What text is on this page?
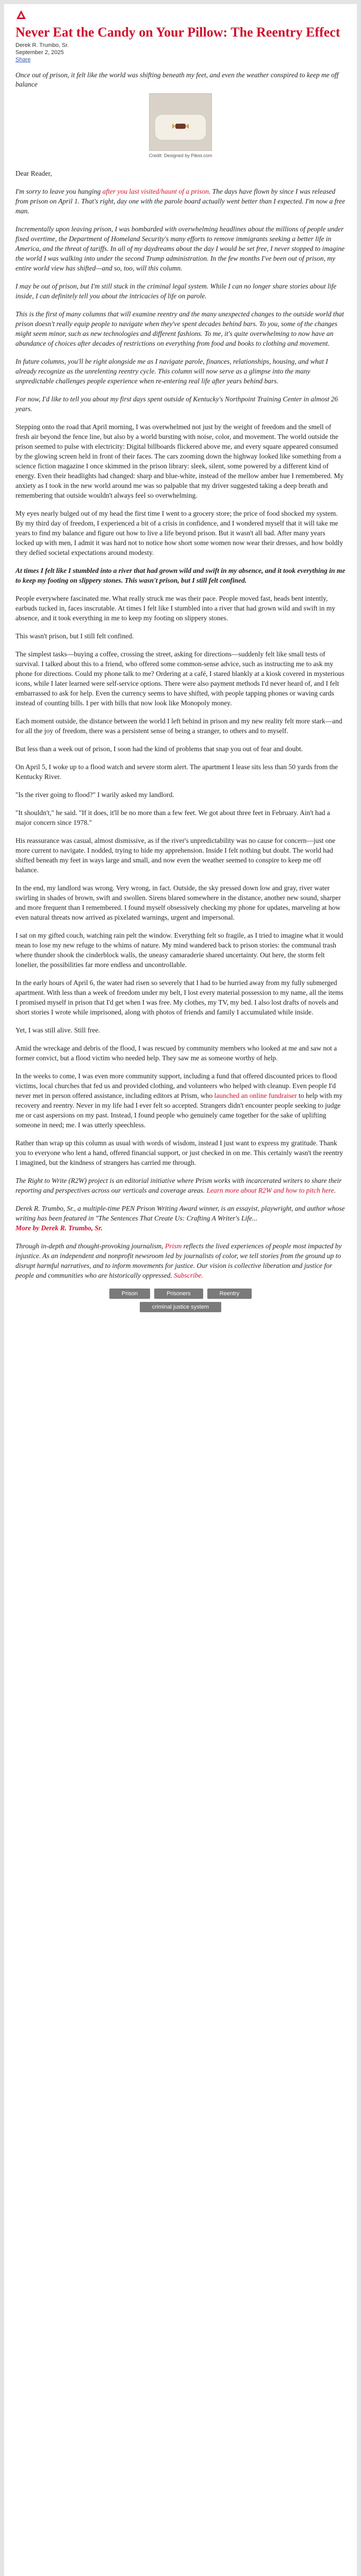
Never Eat the Candy on Your Pillow: The Reentry Effect
Derek R. Trumbo, Sr.
September 2, 2025
Share
Once out of prison, it felt like the world was shifting beneath my feet, and even the weather conspired to keep me off balance
Credit: Designed by Pikist.com

Dear Reader,

I'm sorry to leave you hanging after you last visited/haunt of a prison. The days have flown by since I was released from prison on April 1. That's right, day one with the parole board actually went better than I expected. I'm now a free man.

Incrementally upon leaving prison, I was bombarded with overwhelming headlines about the millions of people under fixed overtime, the Department of Homeland Security's many efforts to remove immigrants seeking a better life in America, and the threat of tariffs. In all of my daydreams about the day I would be set free, I never stopped to imagine the world I was walking into under the second Trump administration. In the few months I've been out of prison, my entire world view has shifted—and so, too, will this column.

I may be out of prison, but I'm still stuck in the criminal legal system. While I can no longer share stories about life inside, I can definitely tell you about the intricacies of life on parole.

This is the first of many columns that will examine reentry and the many unexpected changes to the outside world that prison doesn't really equip people to navigate when they've spent decades behind bars. To you, some of the changes might seem minor, such as new technologies and different fashions. To me, it's quite overwhelming to now have an abundance of choices after decades of restrictions on everything from food and books to clothing and movement.

In future columns, you'll be right alongside me as I navigate parole, finances, relationships, housing, and what I already recognize as the unrelenting reentry cycle. This column will now serve as a glimpse into the many unpredictable challenges people experience when re-entering real life after years behind bars.

For now, I'd like to tell you about my first days spent outside of Kentucky's Northpoint Training Center in almost 26 years.

Stepping onto the road that April morning, I was overwhelmed not just by the weight of freedom and the smell of fresh air beyond the fence line, but also by a world bursting with noise, color, and movement. The world outside the prison seemed to pulse with electricity: Digital billboards flickered above me, and every square appeared consumed by the glowing screen held in front of their faces. The cars zooming down the highway looked like something from a science fiction magazine I once skimmed in the prison library: sleek, silent, some powered by a different kind of energy. Even their headlights had changed: sharp and blue-white, instead of the mellow amber hue I remembered. My anxiety as I took in the new world around me was so palpable that my driver suggested taking a deep breath and remembering that outside wouldn't always feel so overwhelming.

My eyes nearly bulged out of my head the first time I went to a grocery store; the price of food shocked my system. By my third day of freedom, I experienced a bit of a crisis in confidence, and I wondered myself that it will take me years to find my balance and figure out how to live a life beyond prison. But it wasn't all bad. After many years locked up with men, I admit it was hard not to notice how short some women now wear their dresses, and how boldly they defied societal expectations around modesty.

At times I felt like I stumbled into a river that had grown wild and swift in my absence, and it took everything in me to keep my footing on slippery stones. This wasn't prison, but I still felt confined.

People everywhere fascinated me. What really struck me was their pace. People moved fast, heads bent intently, earbuds tucked in, faces inscrutable. At times I felt like I stumbled into a river that had grown wild and swift in my absence, and it took everything in me to keep my footing on slippery stones.

This wasn't prison, but I still felt confined.

The simplest tasks—buying a coffee, crossing the street, asking for directions—suddenly felt like small tests of survival. I talked about this to a friend, who offered some common-sense advice, such as instructing me to ask my phone for directions. Could my phone talk to me? Ordering at a café, I stared blankly at a kiosk covered in mysterious icons, while I later learned were self-service options. There were also payment methods I'd never heard of, and I felt embarrassed to ask for help. Even the currency seems to have shifted, with people tapping phones or waving cards instead of counting bills. I per with bills that now look like Monopoly money.

Each moment outside, the distance between the world I left behind in prison and my new reality felt more stark—and for all the joy of freedom, there was a persistent sense of being a stranger, to others and to myself.

But less than a week out of prison, I soon had the kind of problems that snap you out of fear and doubt.

On April 5, I woke up to a flood watch and severe storm alert. The apartment I lease sits less than 50 yards from the Kentucky River.

"Is the river going to flood?" I warily asked my landlord.

"It shouldn't," he said. "If it does, it'll be no more than a few feet. We got about three feet in February. Ain't had a major concern since 1978."

His reassurance was casual, almost dismissive, as if the river's unpredictability was no cause for concern—just one more current to navigate. I nodded, trying to hide my apprehension. Inside I felt nothing but doubt. The world had shifted beneath my feet in ways large and small, and now even the weather seemed to conspire to keep me off balance.

In the end, my landlord was wrong. Very wrong, in fact. Outside, the sky pressed down low and gray, river water swirling in shades of brown, swift and swollen. Sirens blared somewhere in the distance, another new sound, sharper and more frequent than I remembered. I found myself obsessively checking my phone for updates, marveling at how even natural threats now arrived as pixelated warnings, urgent and impersonal.

I sat on my gifted couch, watching rain pelt the window. Everything felt so fragile, as I tried to imagine what it would mean to lose my new refuge to the whims of nature. My mind wandered back to prison stories: the communal trash where thunder shook the cinderblock walls, the uneasy camaraderie shared uncertainty. Out here, the storm felt lonelier, the possibilities far more endless and uncontrollable.

In the early hours of April 6, the water had risen so severely that I had to be hurried away from my fully submerged apartment. With less than a week of freedom under my belt, I lost every material possession to my name, all the items I promised myself in prison that I'd get when I was free. My clothes, my TV, my bed. I also lost drafts of novels and short stories I wrote while imprisoned, along with photos of friends and family I accumulated while inside.

Yet, I was still alive. Still free.

Amid the wreckage and debris of the flood, I was rescued by community members who looked at me and saw not a former convict, but a flood victim who needed help. They saw me as someone worthy of help.

In the weeks to come, I was even more community support, including a fund that offered discounted prices to flood victims, local churches that fed us and provided clothing, and volunteers who helped with cleanup. Even people I'd never met in person offered assistance, including editors at Prism, who launched an online fundraiser to help with my recovery and reentry. Never in my life had I ever felt so accepted. Strangers didn't encounter people seeking to judge me or cast aspersions on my past. Instead, I found people who genuinely came together for the sake of uplifting someone in need; me. I was utterly speechless.

Rather than wrap up this column as usual with words of wisdom, instead I just want to express my gratitude. Thank you to everyone who lent a hand, offered financial support, or just checked in on me. This certainly wasn't the reentry I imagined, but the kindness of strangers has carried me through.

The Right to Write (R2W) project is an editorial initiative where Prism works with incarcerated writers to share their reporting and perspectives across our verticals and coverage areas. Learn more about R2W and how to pitch here.

Derek R. Trumbo, Sr., a multiple-time PEN Prison Writing Award winner, is an essayist, playwright, and author whose writing has been featured in "The Sentences That Create Us: Crafting A Writer's Life...
More by Derek R. Trumbo, Sr.

Through in-depth and thought-provoking journalism, Prism reflects the lived experiences of people most impacted by injustice. As an independent and nonprofit newsroom led by journalists of color, we tell stories from the ground up to disrupt harmful narratives, and to inform movements for justice. Our vision is collective liberation and justice for people and communities who are historically oppressed. Subscribe.

Prison	Prisoners	Reentry
criminal justice system
